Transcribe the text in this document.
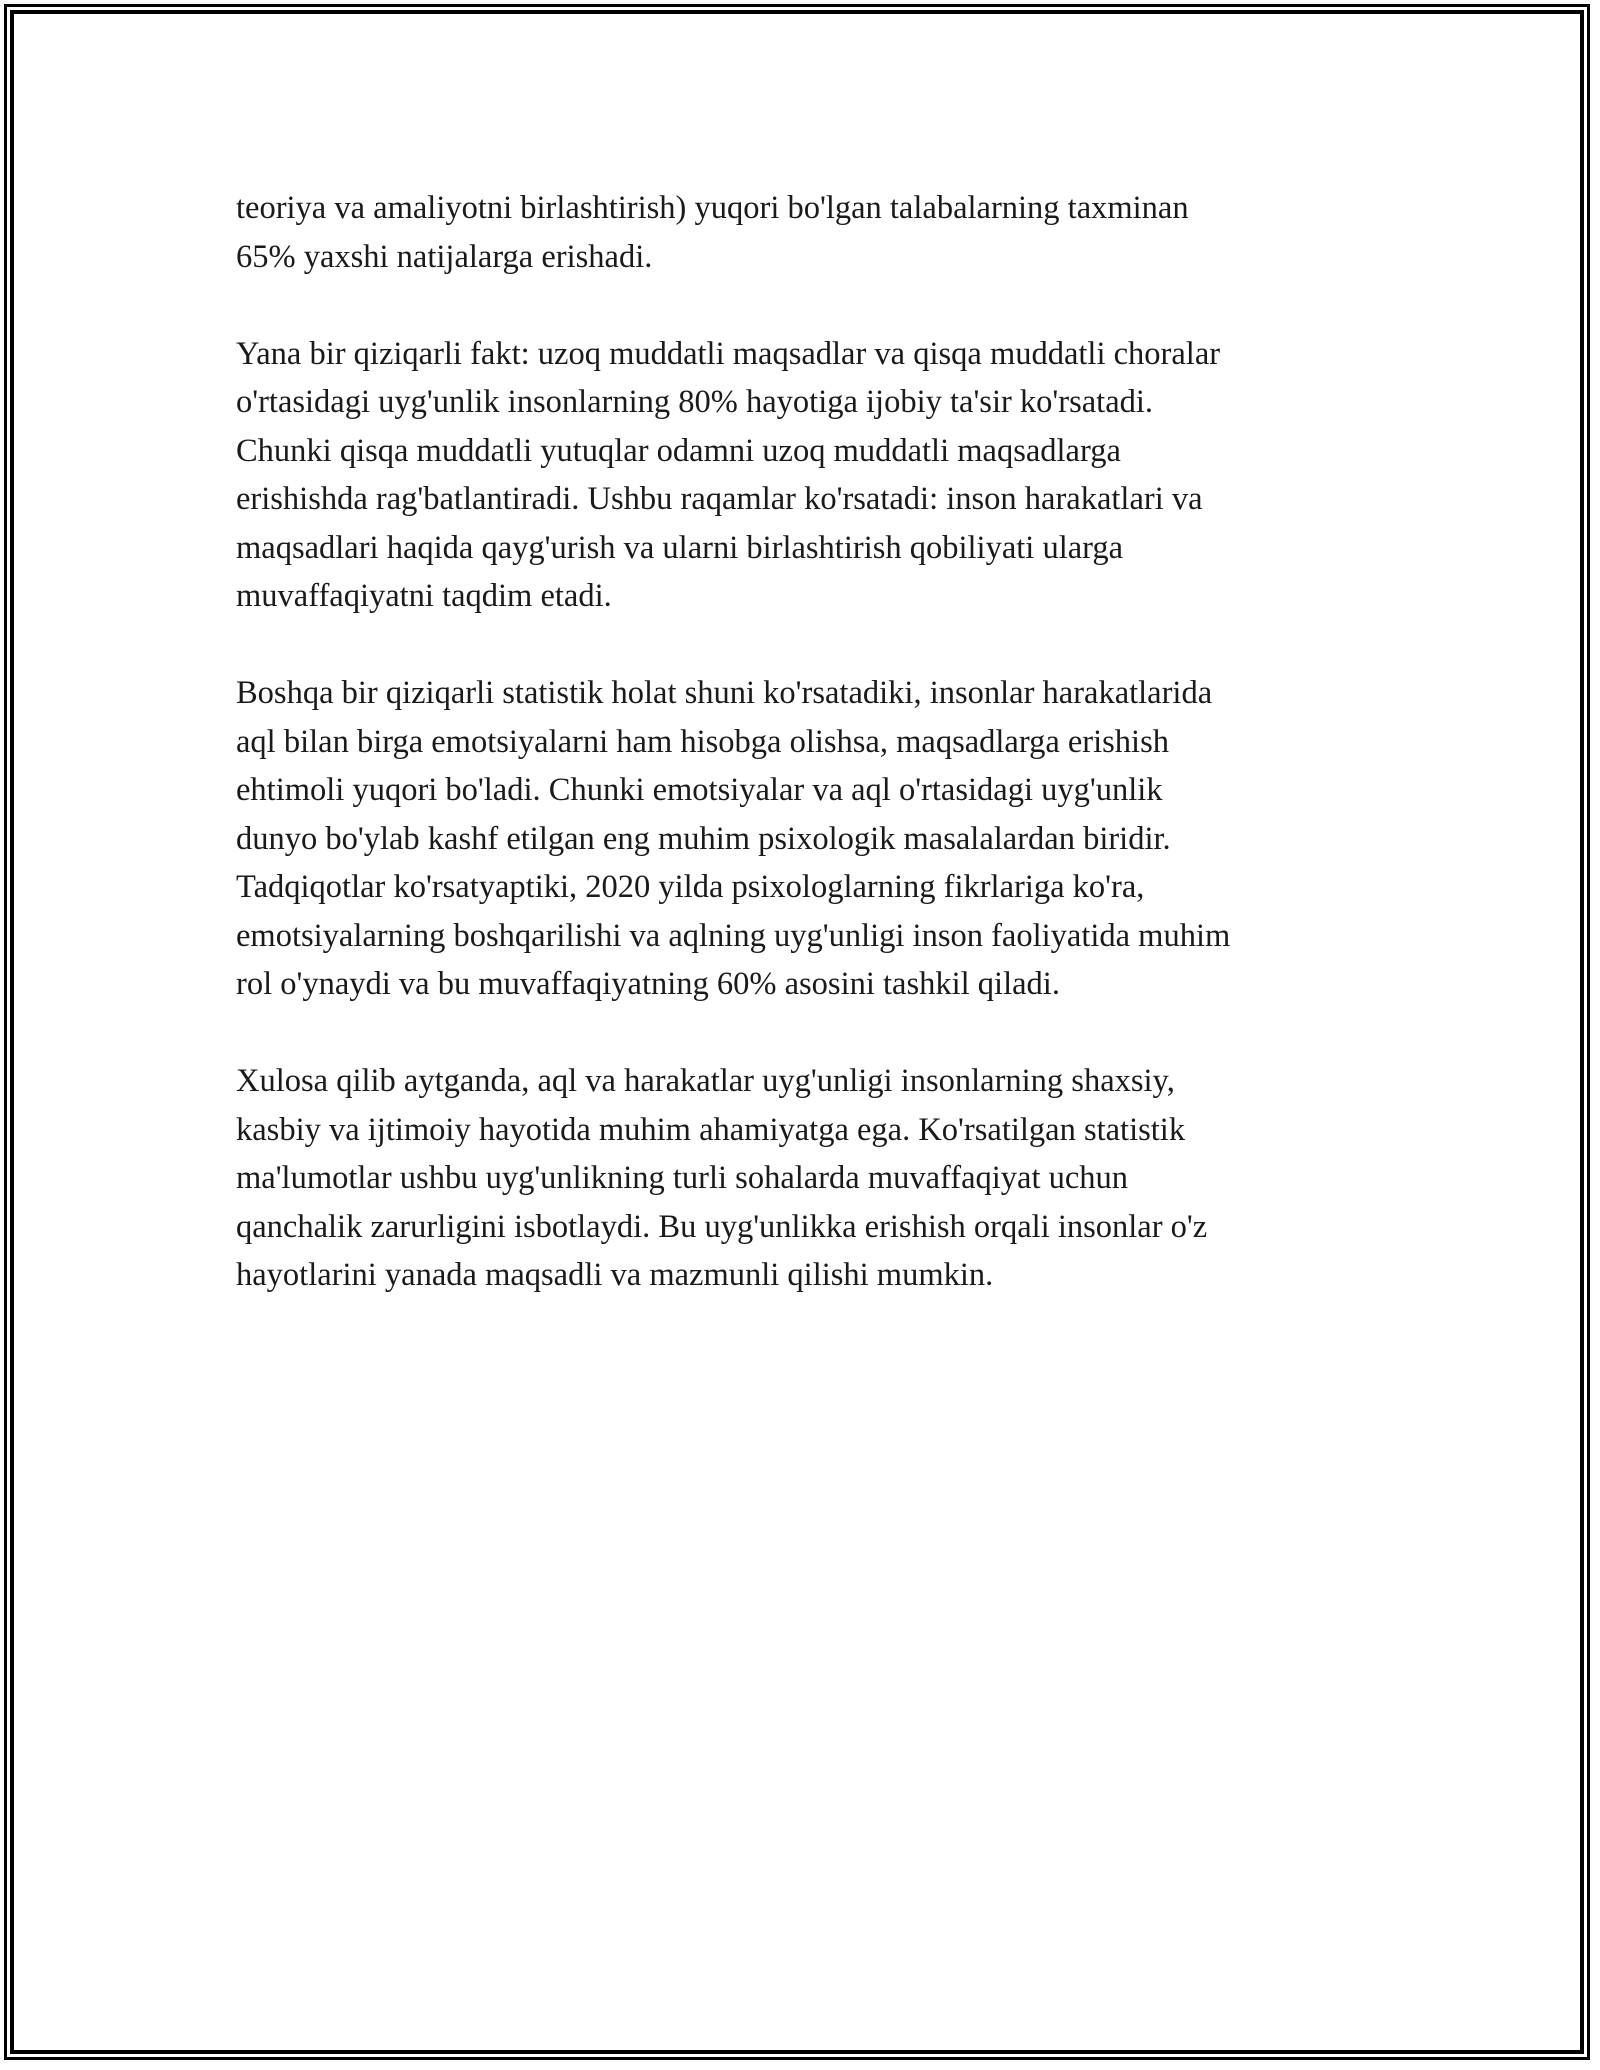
teoriya va amaliyotni birlashtirish) yuqori bo'lgan talabalarning taxminan
65% yaxshi natijalarga erishadi.

Yana bir qiziqarli fakt: uzoq muddatli maqsadlar va qisqa muddatli choralar
o'rtasidagi uyg'unlik insonlarning 80% hayotiga ijobiy ta'sir ko'rsatadi.
Chunki qisqa muddatli yutuqlar odamni uzoq muddatli maqsadlarga
erishishda rag'batlantiradi. Ushbu raqamlar ko'rsatadi: inson harakatlari va
maqsadlari haqida qayg'urish va ularni birlashtirish qobiliyati ularga
muvaffaqiyatni taqdim etadi.

Boshqa bir qiziqarli statistik holat shuni ko'rsatadiki, insonlar harakatlarida
aql bilan birga emotsiyalarni ham hisobga olishsa, maqsadlarga erishish
ehtimoli yuqori bo'ladi. Chunki emotsiyalar va aql o'rtasidagi uyg'unlik
dunyo bo'ylab kashf etilgan eng muhim psixologik masalalardan biridir.
Tadqiqotlar ko'rsatyaptiki, 2020 yilda psixologlarning fikrlariga ko'ra,
emotsiyalarning boshqarilishi va aqlning uyg'unligi inson faoliyatida muhim
rol o'ynaydi va bu muvaffaqiyatning 60% asosini tashkil qiladi.

Xulosa qilib aytganda, aql va harakatlar uyg'unligi insonlarning shaxsiy,
kasbiy va ijtimoiy hayotida muhim ahamiyatga ega. Ko'rsatilgan statistik
ma'lumotlar ushbu uyg'unlikning turli sohalarda muvaffaqiyat uchun
qanchalik zarurligini isbotlaydi. Bu uyg'unlikka erishish orqali insonlar o'z
hayotlarini yanada maqsadli va mazmunli qilishi mumkin.
